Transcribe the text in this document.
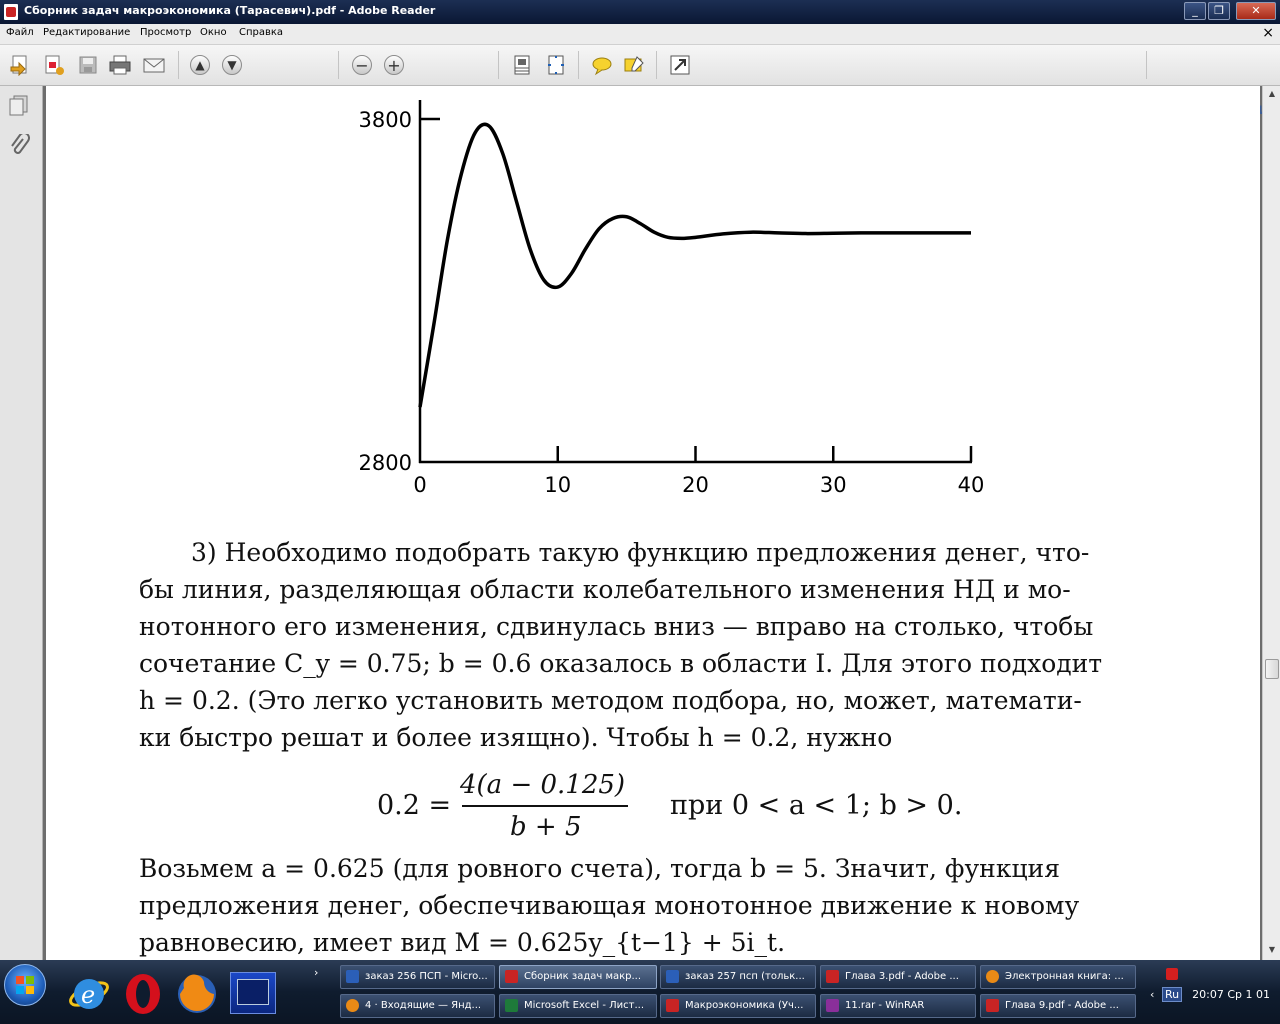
Сборник задач макроэкономика (Тарасевич).pdf - Adobe Reader	_	❐	✕
Файл Редактирование Просмотр Окно Справка	×
▲	▼	− +
0	10	20	30	40
2800
3800
3) Необходимо подобрать такую функцию предложения денег, что-
бы линия, разделяющая области колебательного изменения НД и мо-
нотонного его изменения, сдвинулась вниз — вправо на столько, чтобы
сочетание C_y = 0.75; b = 0.6 оказалось в области I. Для этого подходит
h = 0.2. (Это легко установить методом подбора, но, может, математи-
ки быстро решат и более изящно). Чтобы h = 0.2, нужно
0.2 =
4(a − 0.125)
b + 5
при 0 < a < 1; b > 0.
Возьмем a = 0.625 (для ровного счета), тогда b = 5. Значит, функция
предложения денег, обеспечивающая монотонное движение к новому
равновесию, имеет вид M = 0.625y_{t−1} + 5i_t.
▲
▼
e
›	заказ 256 ПСП - Micro...	Сборник задач макр...	заказ 257 псп (тольк...	Глава 3.pdf - Adobe ...	Электронная книга: ...
4 · Входящие — Янд...	Microsoft Excel - Лист...	Макроэкономика (Уч...	11.rar - WinRAR	Глава 9.pdf - Adobe ...
‹ Ru 20:07 Ср 1 01
